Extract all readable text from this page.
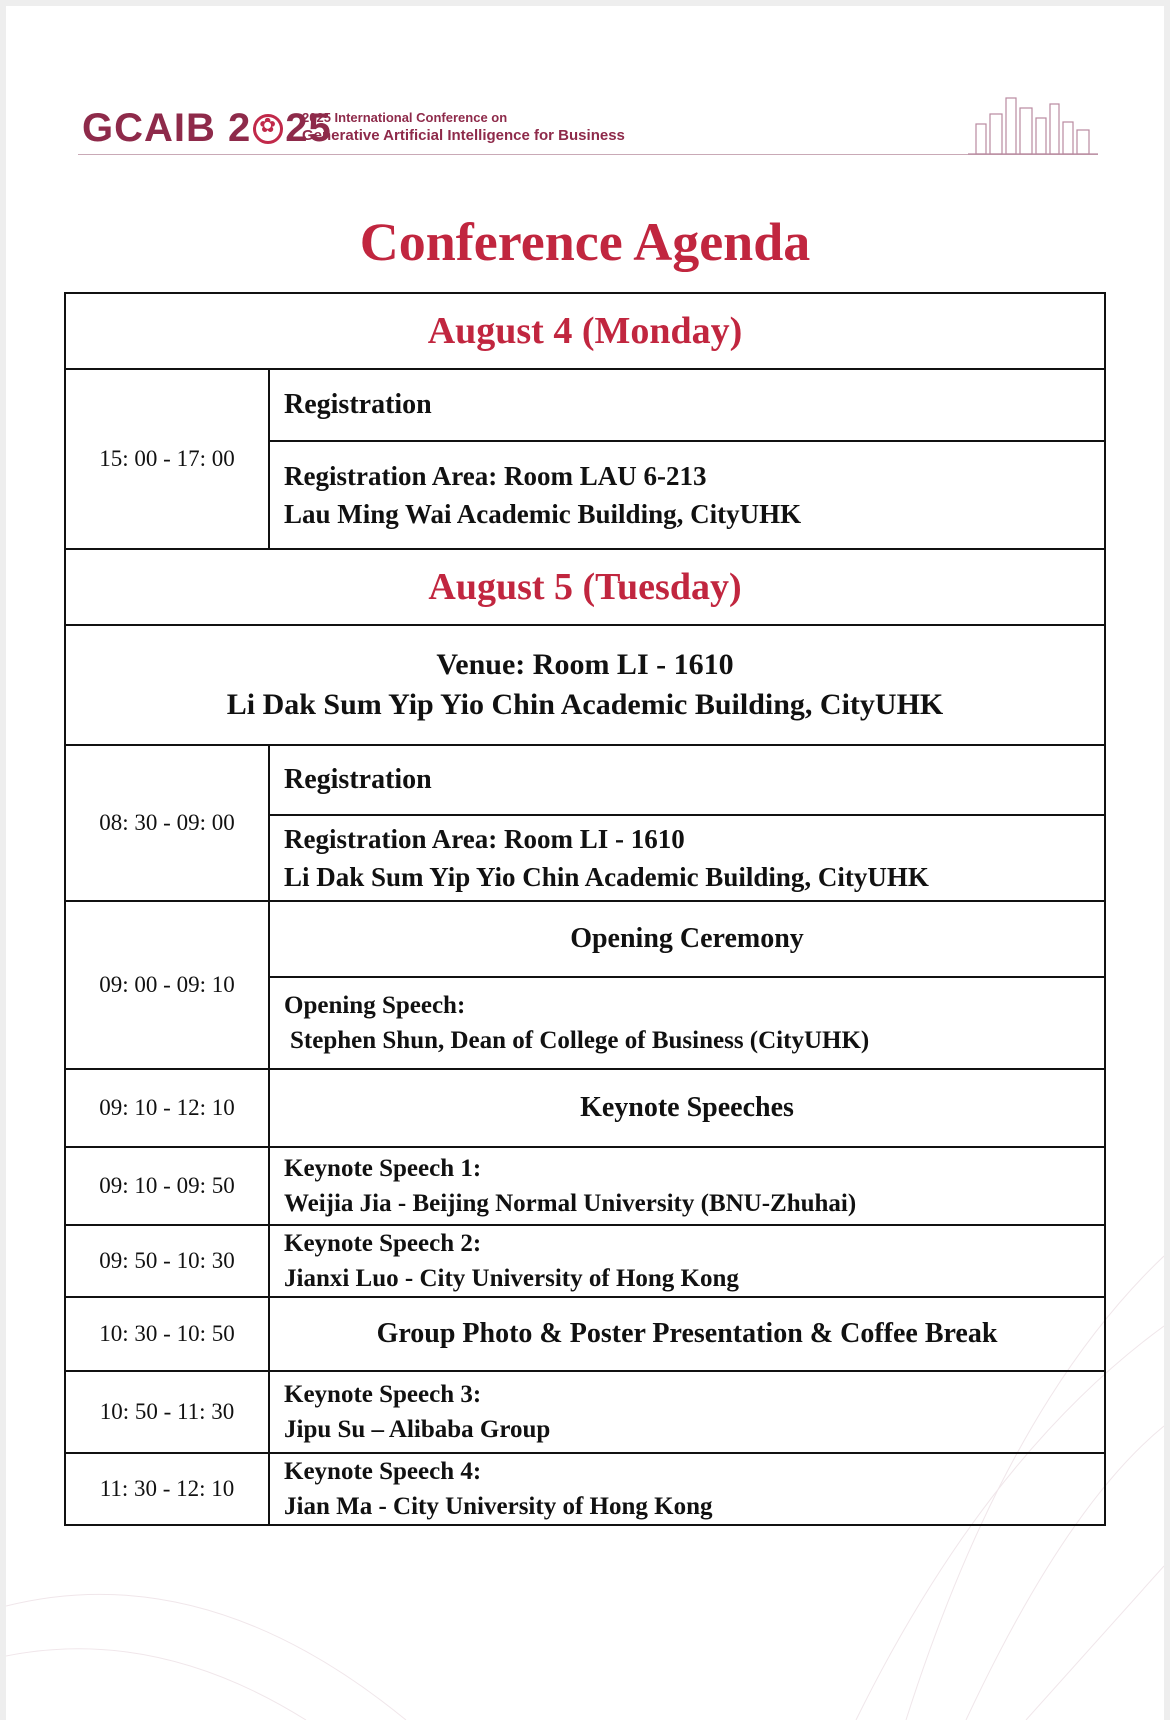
GCAIB 2 ✿ 25
2025 International Conference on
Generative Artificial Intelligence for Business
Conference Agenda
August 4 (Monday)	
15: 00 - 17: 00	Registration

	Registration Area: Room LAU 6-213
Lau Ming Wai Academic Building, CityUHK

August 5 (Tuesday)	

Venue: Room LI - 1610
Li Dak Sum Yip Yio Chin Academic Building, CityUHK	

08: 30 - 09: 00	Registration

	Registration Area: Room LI - 1610
Li Dak Sum Yip Yio Chin Academic Building, CityUHK

09: 00 - 09: 10	Opening Ceremony

	Opening Speech:
Stephen Shun, Dean of College of Business (CityUHK)

09: 10 - 12: 10	Keynote Speeches
09: 10 - 09: 50	Keynote Speech 1:
Weijia Jia - Beijing Normal University (BNU-Zhuhai)

09: 50 - 10: 30	Keynote Speech 2:
Jianxi Luo - City University of Hong Kong

10: 30 - 10: 50	Group Photo & Poster Presentation & Coffee Break
10: 50 - 11: 30	Keynote Speech 3:
Jipu Su – Alibaba Group

11: 30 - 12: 10	Keynote Speech 4:
Jian Ma - City University of Hong Kong
